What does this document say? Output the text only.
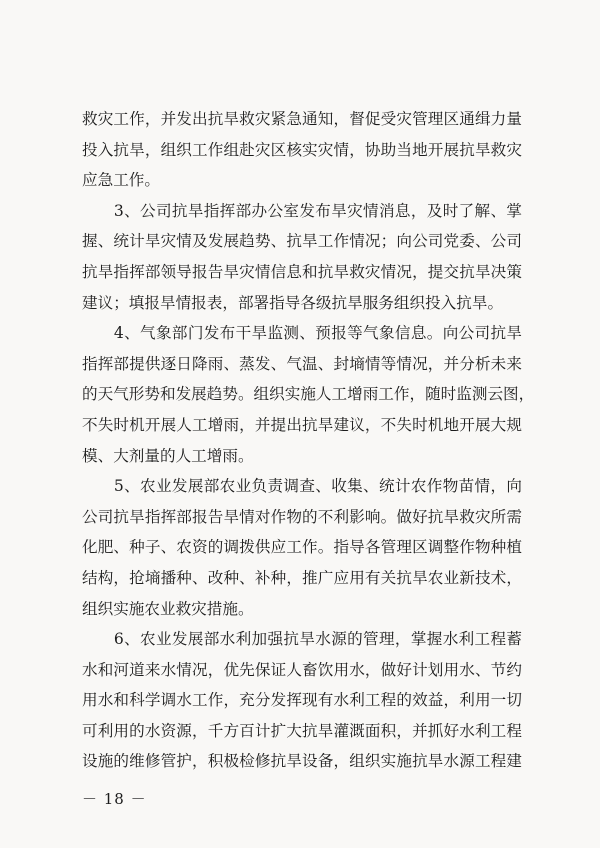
救灾工作，并发出抗旱救灾紧急通知，督促受灾管理区通缉力量
投入抗旱，组织工作组赴灾区核实灾情，协助当地开展抗旱救灾
应急工作。
　　3、公司抗旱指挥部办公室发布旱灾情消息，及时了解、掌
握、统计旱灾情及发展趋势、抗旱工作情况；向公司党委、公司
抗旱指挥部领导报告旱灾情信息和抗旱救灾情况，提交抗旱决策
建议；填报旱情报表，部署指导各级抗旱服务组织投入抗旱。
　　4、气象部门发布干旱监测、预报等气象信息。向公司抗旱
指挥部提供逐日降雨、蒸发、气温、封墒情等情况，并分析未来
的天气形势和发展趋势。组织实施人工增雨工作，随时监测云图，
不失时机开展人工增雨，并提出抗旱建议，不失时机地开展大规
模、大剂量的人工增雨。
　　5、农业发展部农业负责调查、收集、统计农作物苗情，向
公司抗旱指挥部报告旱情对作物的不利影响。做好抗旱救灾所需
化肥、种子、农资的调拨供应工作。指导各管理区调整作物种植
结构，抢墒播种、改种、补种，推广应用有关抗旱农业新技术，
组织实施农业救灾措施。
　　6、农业发展部水利加强抗旱水源的管理，掌握水利工程蓄
水和河道来水情况，优先保证人畜饮用水，做好计划用水、节约
用水和科学调水工作，充分发挥现有水利工程的效益，利用一切
可利用的水资源，千方百计扩大抗旱灌溉面积，并抓好水利工程
设施的维修管护，积极检修抗旱设备，组织实施抗旱水源工程建
－ 18 －
